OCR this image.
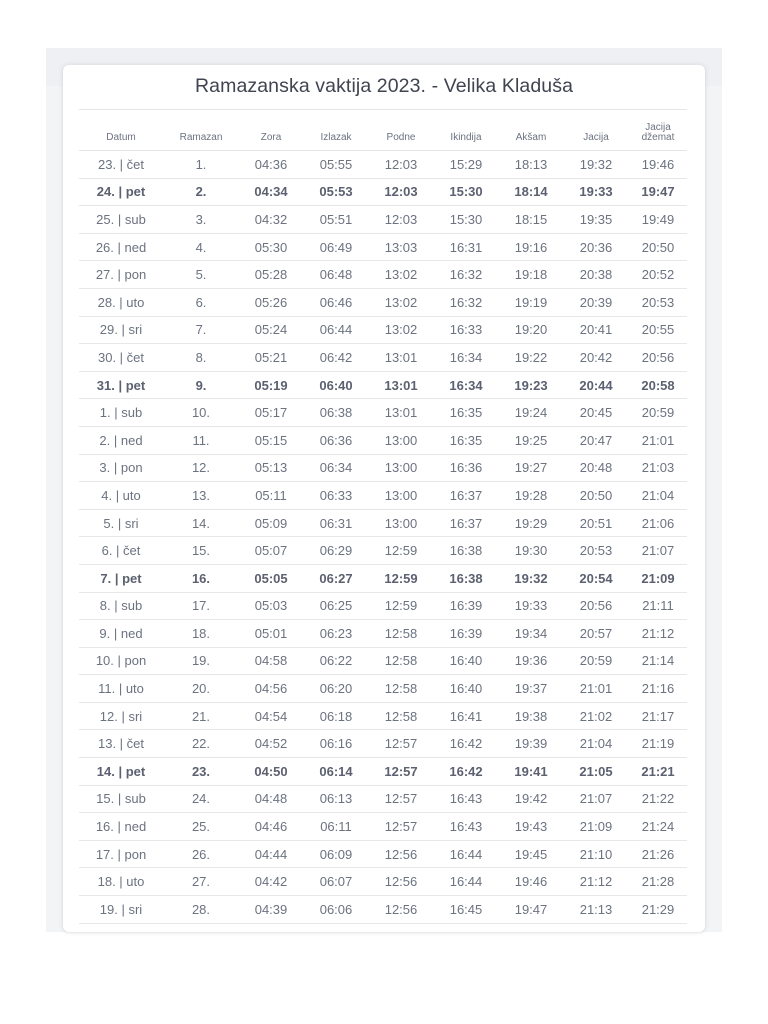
Ramazanska vaktija 2023. - Velika Kladuša
Datum	Ramazan	Zora	Izlazak	Podne	Ikindija	Akšam	Jacija	Jacija
džemat
23. | čet	1.	04:36	05:55	12:03	15:29	18:13	19:32	19:46
24. | pet	2.	04:34	05:53	12:03	15:30	18:14	19:33	19:47
25. | sub	3.	04:32	05:51	12:03	15:30	18:15	19:35	19:49
26. | ned	4.	05:30	06:49	13:03	16:31	19:16	20:36	20:50
27. | pon	5.	05:28	06:48	13:02	16:32	19:18	20:38	20:52
28. | uto	6.	05:26	06:46	13:02	16:32	19:19	20:39	20:53
29. | sri	7.	05:24	06:44	13:02	16:33	19:20	20:41	20:55
30. | čet	8.	05:21	06:42	13:01	16:34	19:22	20:42	20:56
31. | pet	9.	05:19	06:40	13:01	16:34	19:23	20:44	20:58
1. | sub	10.	05:17	06:38	13:01	16:35	19:24	20:45	20:59
2. | ned	11.	05:15	06:36	13:00	16:35	19:25	20:47	21:01
3. | pon	12.	05:13	06:34	13:00	16:36	19:27	20:48	21:03
4. | uto	13.	05:11	06:33	13:00	16:37	19:28	20:50	21:04
5. | sri	14.	05:09	06:31	13:00	16:37	19:29	20:51	21:06
6. | čet	15.	05:07	06:29	12:59	16:38	19:30	20:53	21:07
7. | pet	16.	05:05	06:27	12:59	16:38	19:32	20:54	21:09
8. | sub	17.	05:03	06:25	12:59	16:39	19:33	20:56	21:11
9. | ned	18.	05:01	06:23	12:58	16:39	19:34	20:57	21:12
10. | pon	19.	04:58	06:22	12:58	16:40	19:36	20:59	21:14
11. | uto	20.	04:56	06:20	12:58	16:40	19:37	21:01	21:16
12. | sri	21.	04:54	06:18	12:58	16:41	19:38	21:02	21:17
13. | čet	22.	04:52	06:16	12:57	16:42	19:39	21:04	21:19
14. | pet	23.	04:50	06:14	12:57	16:42	19:41	21:05	21:21
15. | sub	24.	04:48	06:13	12:57	16:43	19:42	21:07	21:22
16. | ned	25.	04:46	06:11	12:57	16:43	19:43	21:09	21:24
17. | pon	26.	04:44	06:09	12:56	16:44	19:45	21:10	21:26
18. | uto	27.	04:42	06:07	12:56	16:44	19:46	21:12	21:28
19. | sri	28.	04:39	06:06	12:56	16:45	19:47	21:13	21:29
